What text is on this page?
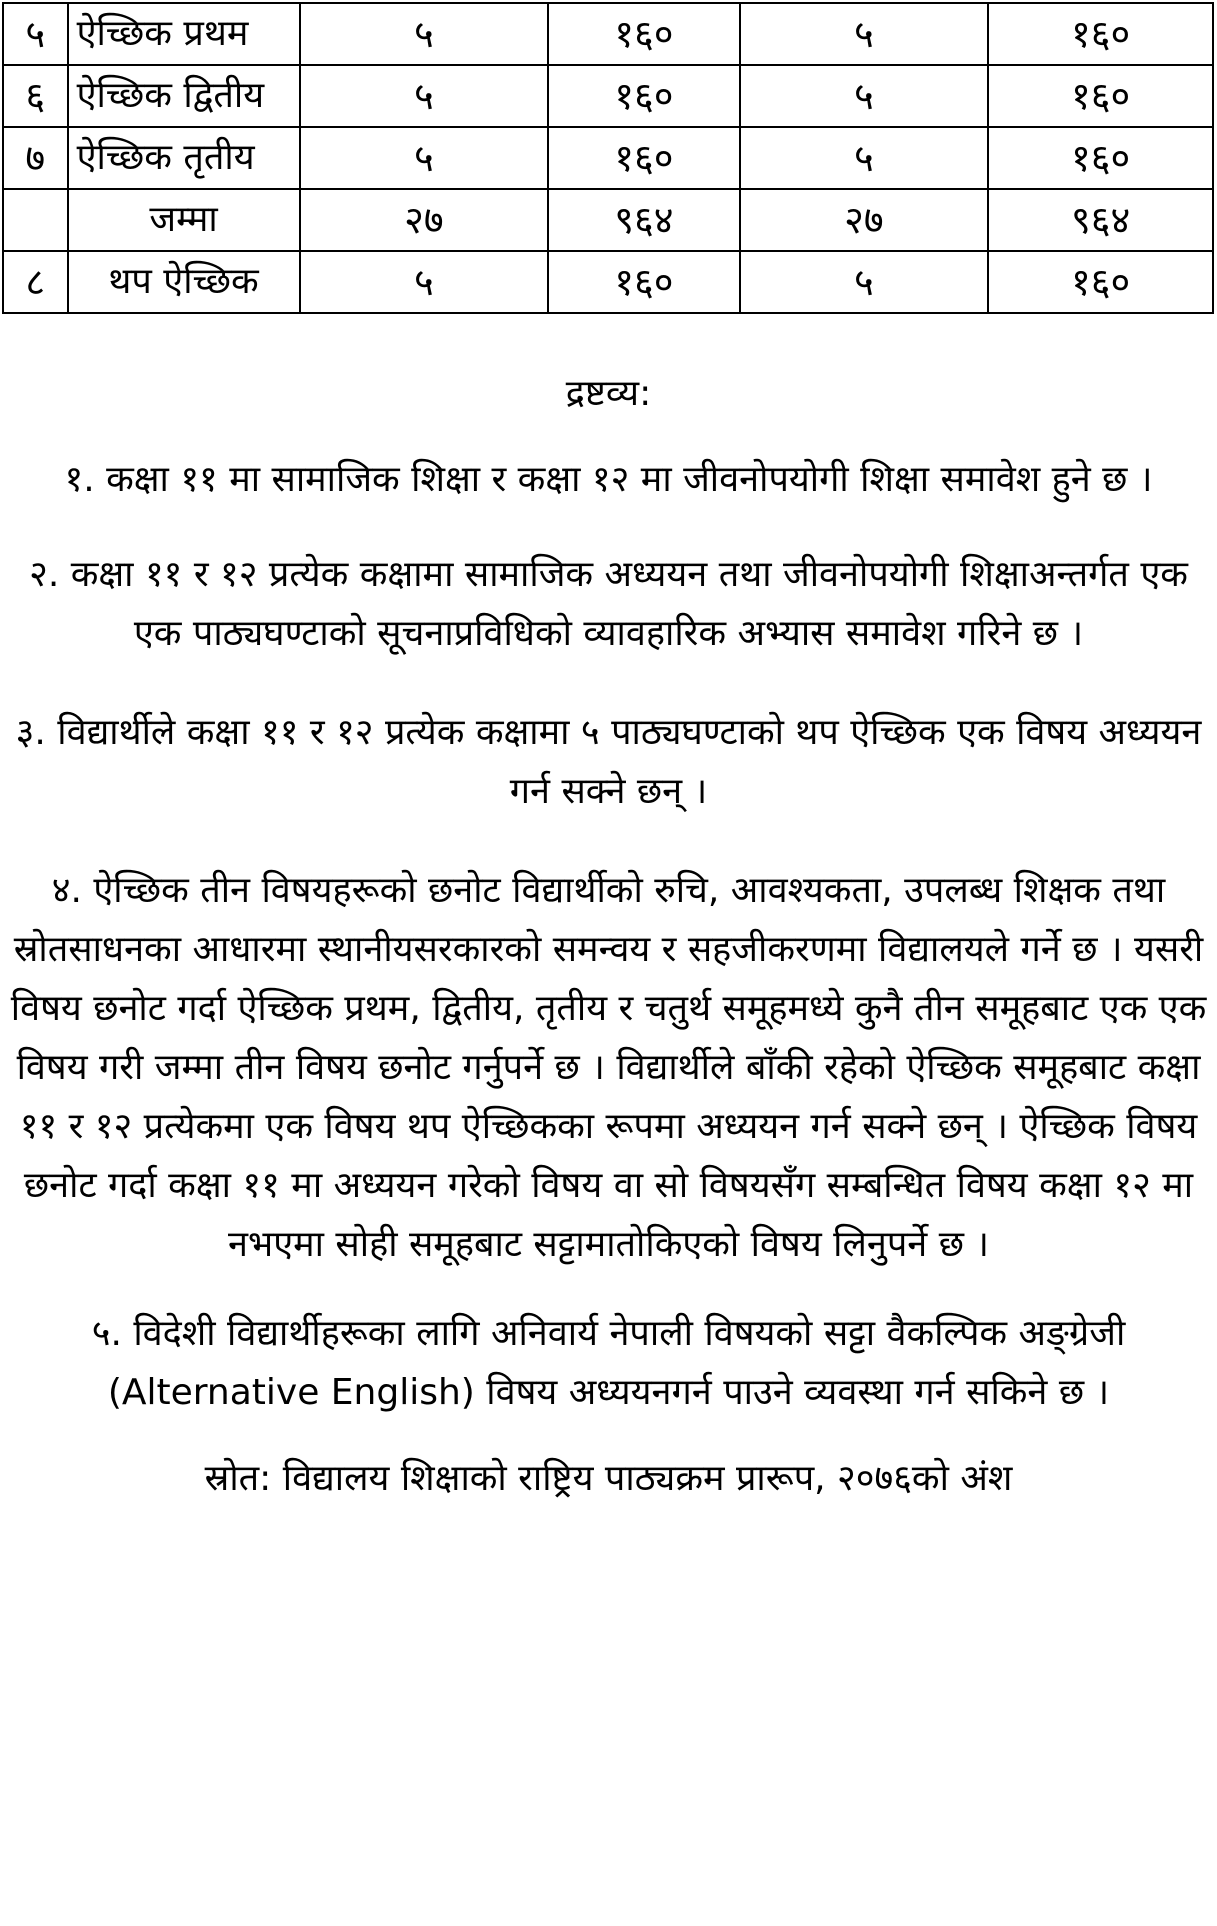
५	ऐच्छिक प्रथम	५	१६०	५	१६०
६	ऐच्छिक द्वितीय	५	१६०	५	१६०
७	ऐच्छिक तृतीय	५	१६०	५	१६०
	जम्मा	२७	९६४	२७	९६४
८	थप ऐच्छिक	५	१६०	५	१६०

द्रष्टव्य:

१. कक्षा ११ मा सामाजिक शिक्षा र कक्षा १२ मा जीवनोपयोगी शिक्षा समावेश हुने छ ।

२. कक्षा ११ र १२ प्रत्येक कक्षामा सामाजिक अध्ययन तथा जीवनोपयोगी शिक्षाअन्तर्गत एक एक पाठ्यघण्टाको सूचनाप्रविधिको व्यावहारिक अभ्यास समावेश गरिने छ ।

३. विद्यार्थीले कक्षा ११ र १२ प्रत्येक कक्षामा ५ पाठ्यघण्टाको थप ऐच्छिक एक विषय अध्ययन गर्न सक्ने छन् ।

४. ऐच्छिक तीन विषयहरूको छनोट विद्यार्थीको रुचि, आवश्यकता, उपलब्ध शिक्षक तथा स्रोतसाधनका आधारमा स्थानीयसरकारको समन्वय र सहजीकरणमा विद्यालयले गर्ने छ । यसरी विषय छनोट गर्दा ऐच्छिक प्रथम, द्वितीय, तृतीय र चतुर्थ समूहमध्ये कुनै तीन समूहबाट एक एक विषय गरी जम्मा तीन विषय छनोट गर्नुपर्ने छ । विद्यार्थीले बाँकी रहेको ऐच्छिक समूहबाट कक्षा ११ र १२ प्रत्येकमा एक विषय थप ऐच्छिकका रूपमा अध्ययन गर्न सक्ने छन् । ऐच्छिक विषय छनोट गर्दा कक्षा ११ मा अध्ययन गरेको विषय वा सो विषयसँग सम्बन्धित विषय कक्षा १२ मा नभएमा सोही समूहबाट सट्टामातोकिएको विषय लिनुपर्ने छ ।

५. विदेशी विद्यार्थीहरूका लागि अनिवार्य नेपाली विषयको सट्टा वैकल्पिक अङ्ग्रेजी (Alternative English) विषय अध्ययनगर्न पाउने व्यवस्था गर्न सकिने छ ।

स्रोत: विद्यालय शिक्षाको राष्ट्रिय पाठ्यक्रम प्रारूप, २०७६को अंश
